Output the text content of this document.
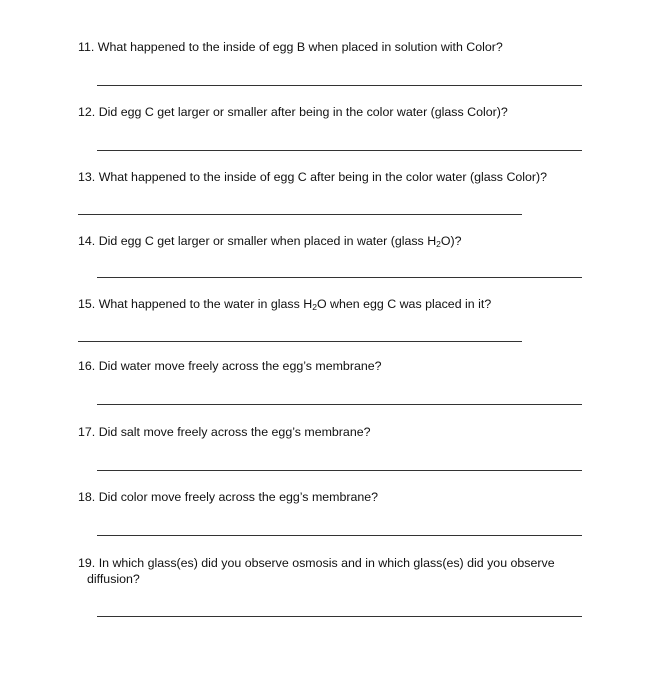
11. What happened to the inside of egg B when placed in solution with Color?
12. Did egg C get larger or smaller after being in the color water (glass Color)?
13. What happened to the inside of egg C after being in the color water (glass Color)?
14. Did egg C get larger or smaller when placed in water (glass $H_2O$)?
15. What happened to the water in glass $H_2O$ when egg C was placed in it?
16. Did water move freely across the egg’s membrane?
17. Did salt move freely across the egg’s membrane?
18. Did color move freely across the egg’s membrane?
19. In which glass(es) did you observe osmosis and in which glass(es) did you observe
diffusion?
